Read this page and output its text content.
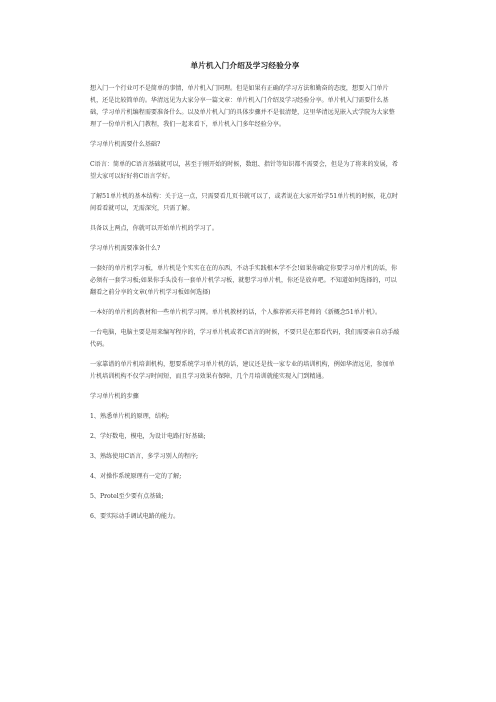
单片机入门介绍及学习经验分享

想入门一个行业可不是简单的事情，单片机入门同理。但是如果有正确的学习方法和勤奋的态度，想要入门单片机，还是比较简单的。华清远见为大家分享一篇文章：单片机入门介绍及学习经验分享。单片机入门需要什么基础，学习单片机编程需要准备什么。以及单片机入门的具体步骤并不是很清楚，这里华清远见嵌入式学院为大家整理了一份单片机入门教程，我们一起来看下，单片机入门多年经验分享。

学习单片机需要什么基础?

C语言：简单的C语言基础就可以，甚至于刚开始的时候，数组、指针等知识都不需要会，但是为了将来的发展，希望大家可以好好将C语言学好。

了解51单片机的基本结构：关于这一点，只需要看几页书就可以了，或者说在大家开始学51单片机的时候，花点时间看看就可以，无需深究，只需了解。

具备以上两点，你就可以开始单片机的学习了。

学习单片机需要准备什么?

一套好的单片机学习板，单片机是个实实在在的东西，不动手实践根本学不会!如果你确定你要学习单片机的话，你必须有一套学习板;如果你手头没有一套单片机学习板，就想学习单片机，你还是放弃吧。不知道如何选择的，可以翻看之前分享的文章(单片机学习板如何选择)

一本好的单片机的教材和一些单片机学习网。单片机教材的话，个人推荐郭天祥老师的《新概念51单片机》。

一台电脑，电脑主要是用来编写程序的，学习单片机或者C语言的时候，不要只是在那看代码，我们需要亲自动手敲代码。

一家靠谱的单片机培训机构，想要系统学习单片机的话，建议还是找一家专业的培训机构，例如华清远见，参加单片机培训机构不仅学习时间短，而且学习效果有保障，几个月培训就能实现入门到精通。

学习单片机的步骤

1、熟悉单片机的原理，结构;
2、学好数电，模电，为设计电路打好基础;
3、熟练使用C语言，多学习别人的程序;
4、对操作系统原理有一定的了解;
5、Protel至少要有点基础;
6、要实际动手调试电路的能力。
